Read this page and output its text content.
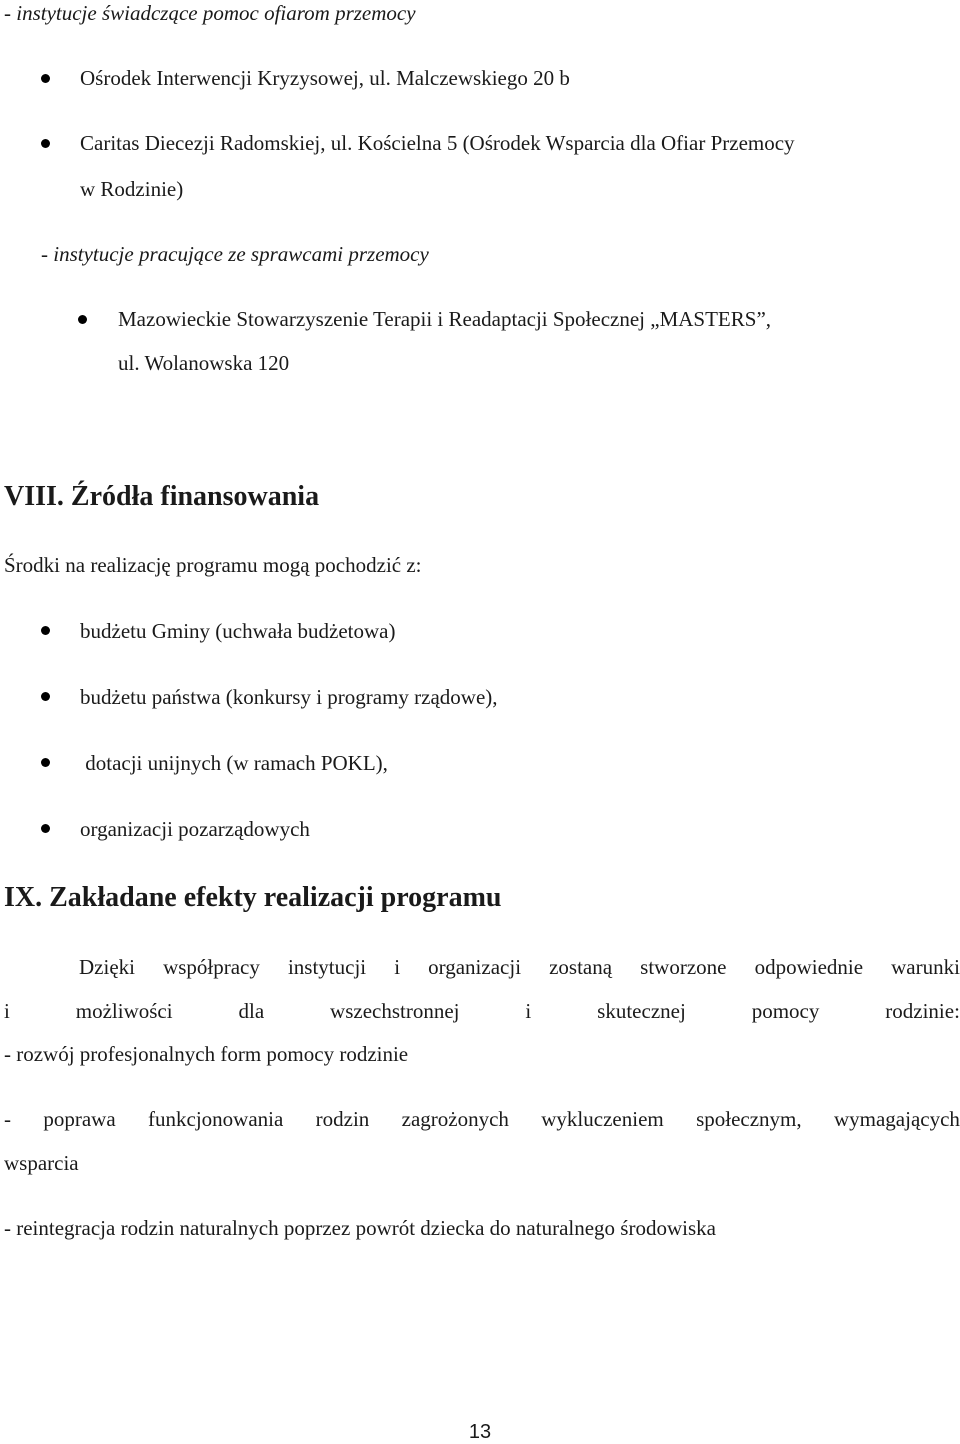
- instytucje świadczące pomoc ofiarom przemocy
Ośrodek Interwencji Kryzysowej, ul. Malczewskiego 20 b
Caritas Diecezji Radomskiej, ul. Kościelna 5 (Ośrodek Wsparcia dla Ofiar Przemocy
w Rodzinie)
- instytucje pracujące ze sprawcami przemocy
Mazowieckie Stowarzyszenie Terapii i Readaptacji Społecznej „MASTERS”,
ul. Wolanowska 120
VIII. Źródła finansowania
Środki na realizację programu mogą pochodzić z:
budżetu Gminy (uchwała budżetowa)
budżetu państwa (konkursy i programy rządowe),
dotacji unijnych (w ramach POKL),
organizacji pozarządowych
IX. Zakładane efekty realizacji programu
Dzięki współpracy instytucji i organizacji zostaną stworzone odpowiednie warunki
i	możliwości	dla	wszechstronnej	i	skutecznej	pomocy	rodzinie:
- rozwój profesjonalnych form pomocy rodzinie
- poprawa funkcjonowania rodzin zagrożonych wykluczeniem społecznym, wymagających
wsparcia
- reintegracja rodzin naturalnych poprzez powrót dziecka do naturalnego środowiska
13
